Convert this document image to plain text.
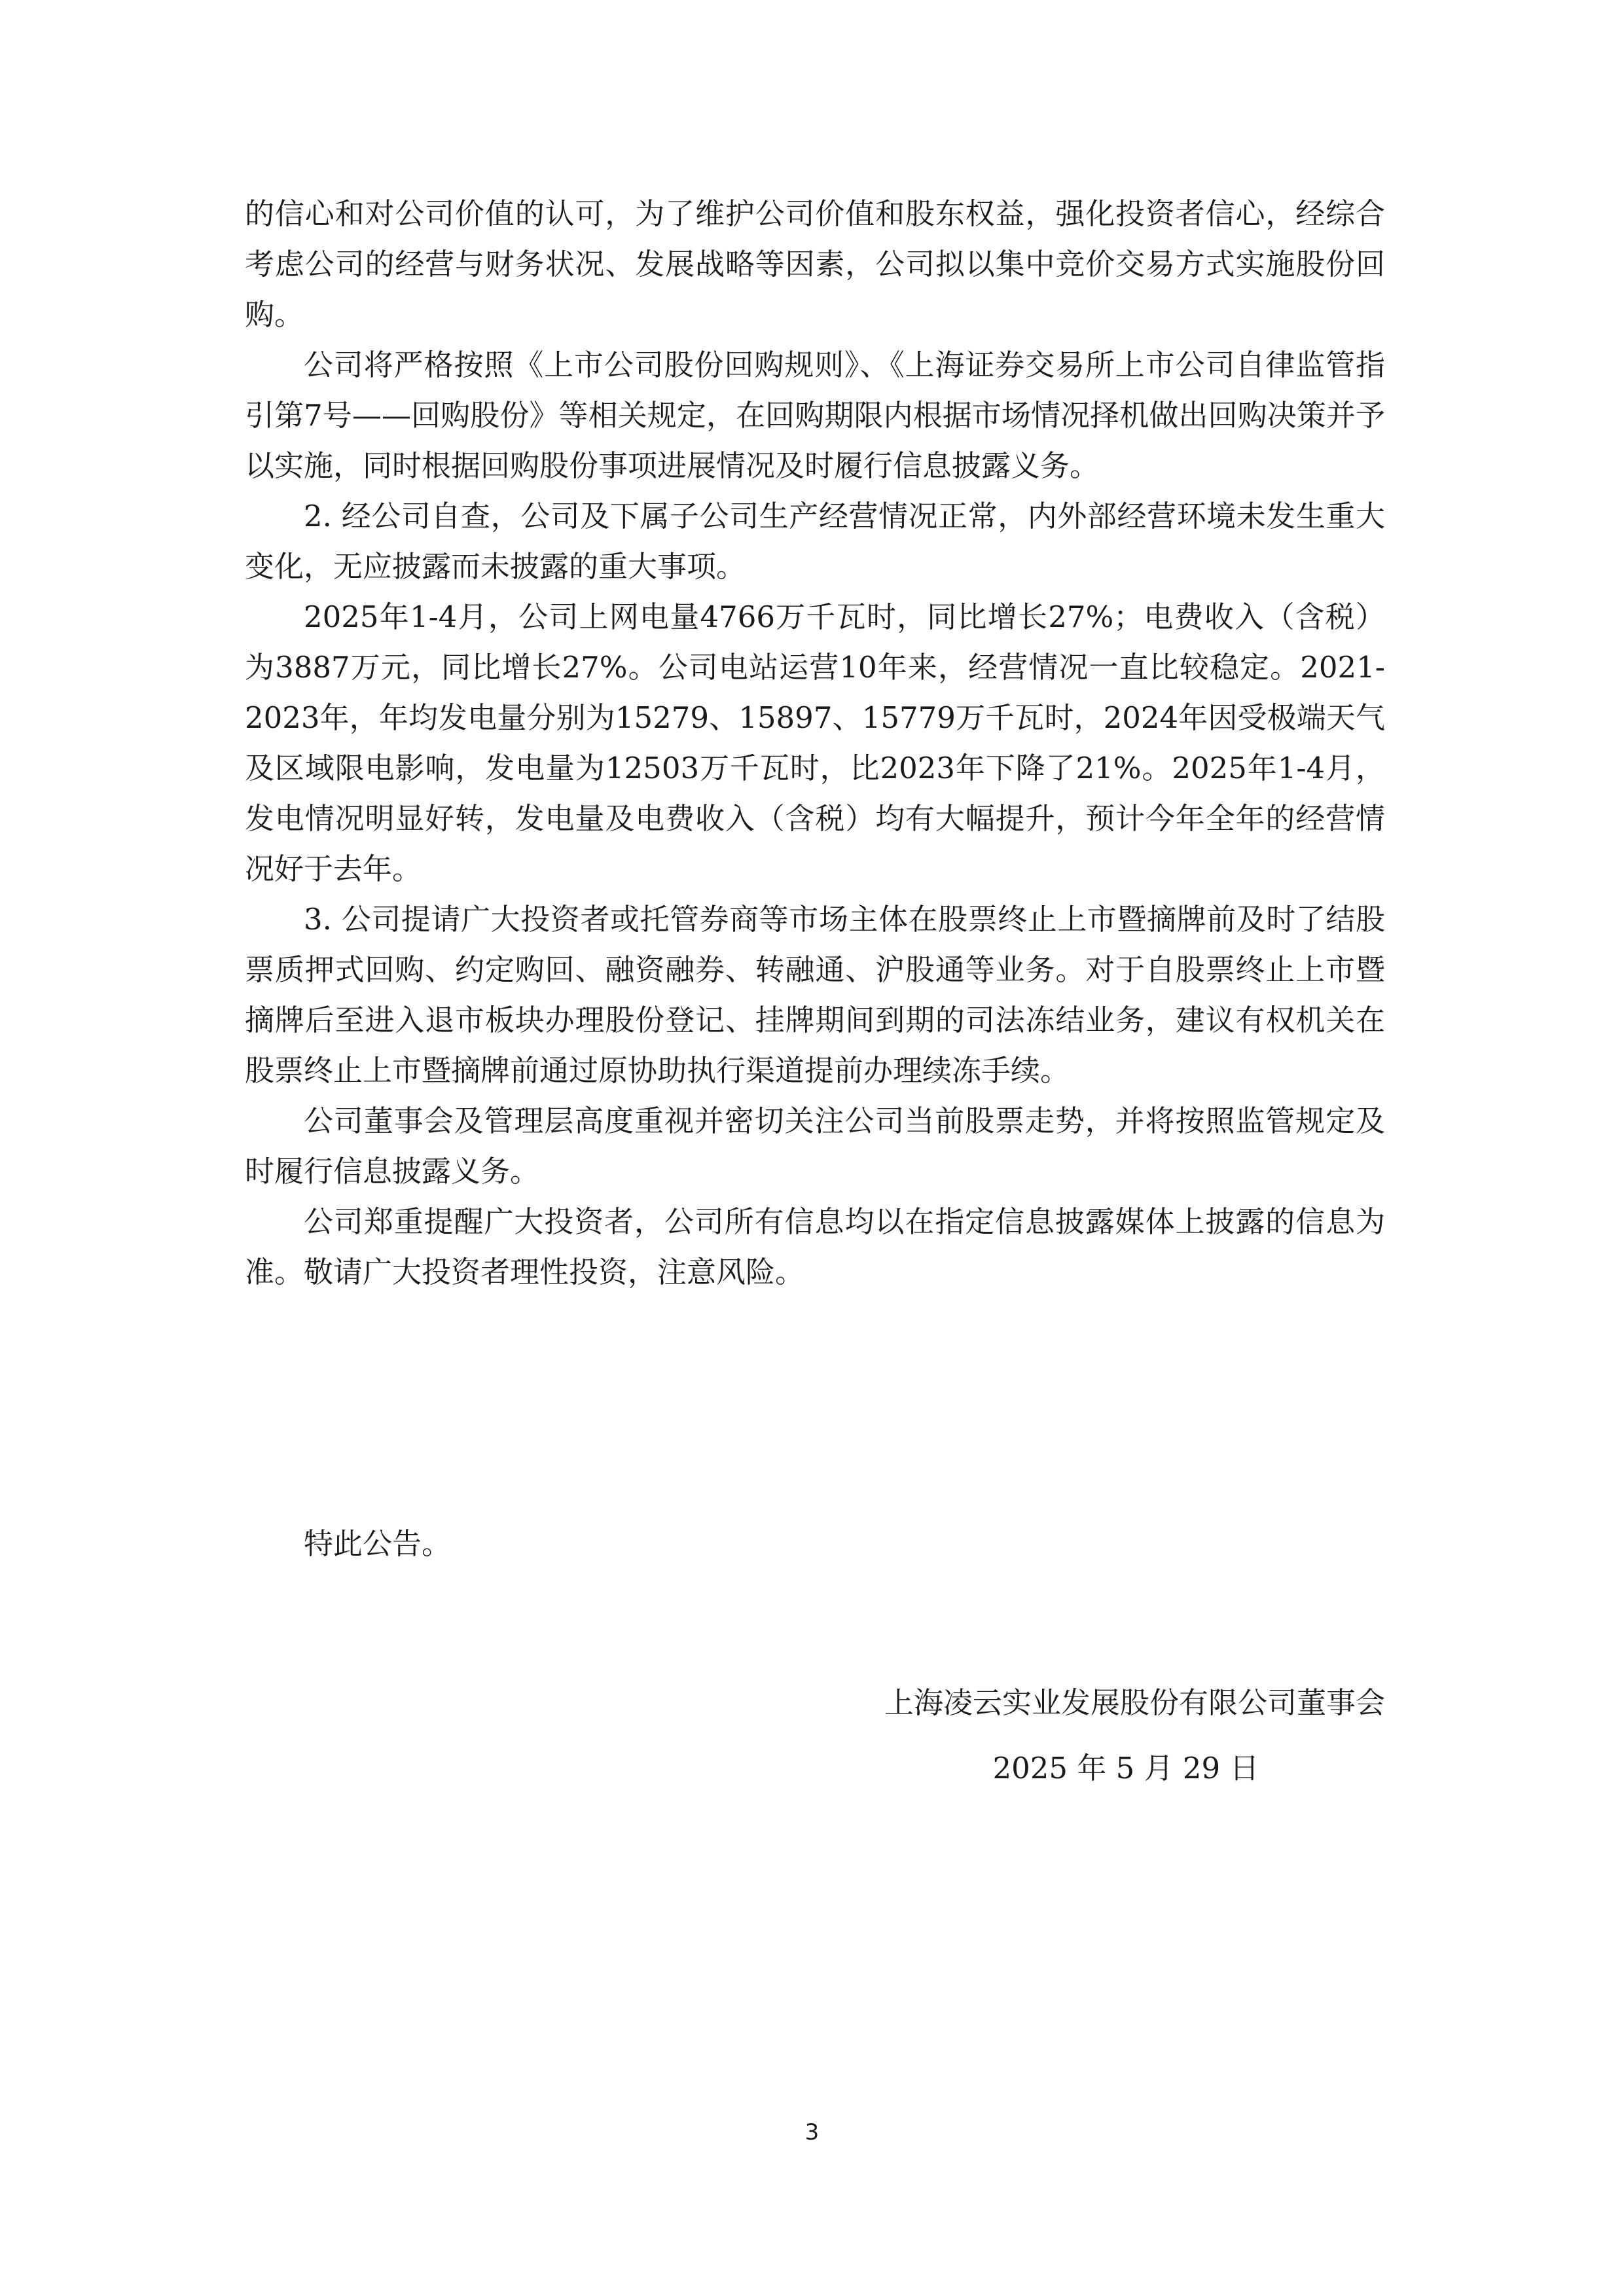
的信心和对公司价值的认可，为了维护公司价值和股东权益，强化投资者信心，经综合考虑公司的经营与财务状况、发展战略等因素，公司拟以集中竞价交易方式实施股份回购。

公司将严格按照《上市公司股份回购规则》、《上海证券交易所上市公司自律监管指引第7号——回购股份》等相关规定，在回购期限内根据市场情况择机做出回购决策并予以实施，同时根据回购股份事项进展情况及时履行信息披露义务。

2. 经公司自查，公司及下属子公司生产经营情况正常，内外部经营环境未发生重大变化，无应披露而未披露的重大事项。

2025年1-4月，公司上网电量4766万千瓦时，同比增长27%；电费收入（含税）为3887万元，同比增长27%。公司电站运营10年来，经营情况一直比较稳定。2021-2023年，年均发电量分别为15279、15897、15779万千瓦时，2024年因受极端天气及区域限电影响，发电量为12503万千瓦时，比2023年下降了21%。2025年1-4月，发电情况明显好转，发电量及电费收入（含税）均有大幅提升，预计今年全年的经营情况好于去年。

3. 公司提请广大投资者或托管券商等市场主体在股票终止上市暨摘牌前及时了结股票质押式回购、约定购回、融资融券、转融通、沪股通等业务。对于自股票终止上市暨摘牌后至进入退市板块办理股份登记、挂牌期间到期的司法冻结业务，建议有权机关在股票终止上市暨摘牌前通过原协助执行渠道提前办理续冻手续。

公司董事会及管理层高度重视并密切关注公司当前股票走势，并将按照监管规定及时履行信息披露义务。

公司郑重提醒广大投资者，公司所有信息均以在指定信息披露媒体上披露的信息为准。敬请广大投资者理性投资，注意风险。

特此公告。
上海凌云实业发展股份有限公司董事会
2025 年 5 月 29 日
3
